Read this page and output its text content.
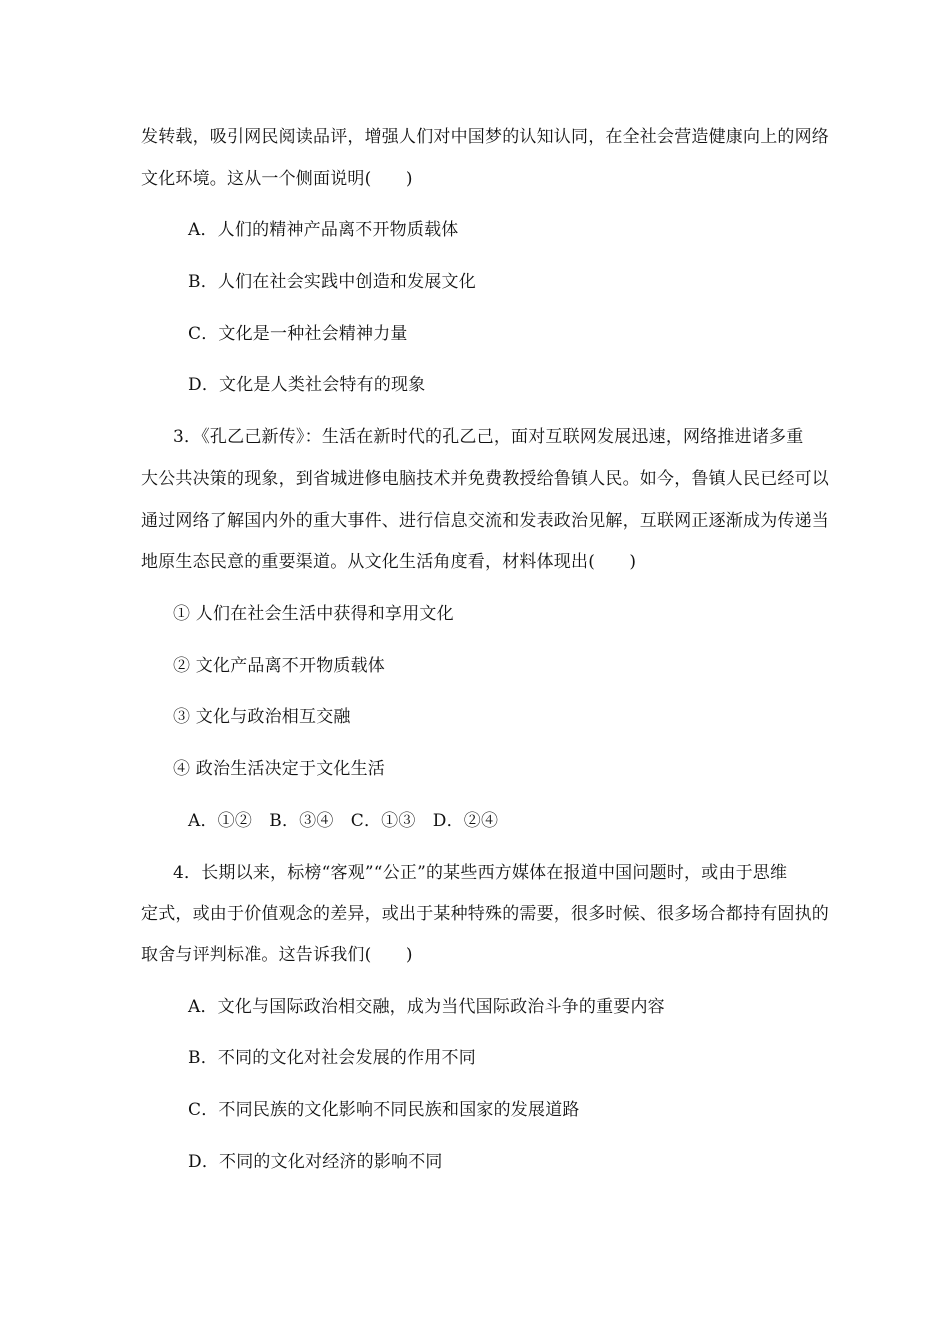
发转载，吸引网民阅读品评，增强人们对中国梦的认知认同，在全社会营造健康向上的网络
文化环境。这从一个侧面说明(　　)
A．人们的精神产品离不开物质载体
B．人们在社会实践中创造和发展文化
C．文化是一种社会精神力量
D．文化是人类社会特有的现象
3．《孔乙己新传》：生活在新时代的孔乙己，面对互联网发展迅速，网络推进诸多重
大公共决策的现象，到省城进修电脑技术并免费教授给鲁镇人民。如今，鲁镇人民已经可以
通过网络了解国内外的重大事件、进行信息交流和发表政治见解，互联网正逐渐成为传递当
地原生态民意的重要渠道。从文化生活角度看，材料体现出(　　)
① 人们在社会生活中获得和享用文化
② 文化产品离不开物质载体
③ 文化与政治相互交融
④ 政治生活决定于文化生活
A．①②　B．③④　C．①③　D．②④
4．长期以来，标榜“客观”“公正”的某些西方媒体在报道中国问题时，或由于思维
定式，或由于价值观念的差异，或出于某种特殊的需要，很多时候、很多场合都持有固执的
取舍与评判标准。这告诉我们(　　)
A．文化与国际政治相交融，成为当代国际政治斗争的重要内容
B．不同的文化对社会发展的作用不同
C．不同民族的文化影响不同民族和国家的发展道路
D．不同的文化对经济的影响不同
